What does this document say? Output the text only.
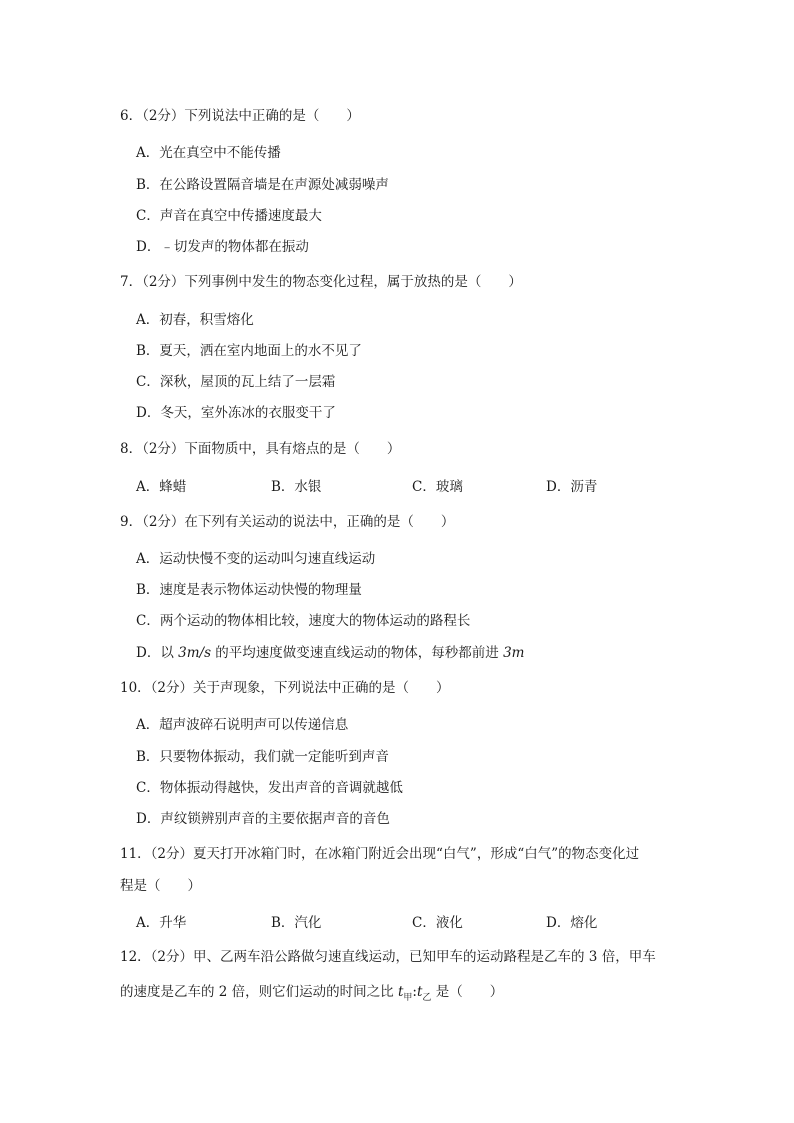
6．（2分）下列说法中正确的是（　　）
A．光在真空中不能传播
B．在公路设置隔音墙是在声源处减弱噪声
C．声音在真空中传播速度最大
D．﹣切发声的物体都在振动
7．（2分）下列事例中发生的物态变化过程，属于放热的是（　　）
A．初春，积雪熔化
B．夏天，洒在室内地面上的水不见了
C．深秋，屋顶的瓦上结了一层霜
D．冬天，室外冻冰的衣服变干了
8．（2分）下面物质中，具有熔点的是（　　）
A．蜂蜡	B．水银	C．玻璃	D．沥青
9．（2分）在下列有关运动的说法中，正确的是（　　）
A．运动快慢不变的运动叫匀速直线运动
B．速度是表示物体运动快慢的物理量
C．两个运动的物体相比较，速度大的物体运动的路程长
D．以 3m/s 的平均速度做变速直线运动的物体，每秒都前进 3m
10．（2分）关于声现象，下列说法中正确的是（　　）
A．超声波碎石说明声可以传递信息
B．只要物体振动，我们就一定能听到声音
C．物体振动得越快，发出声音的音调就越低
D．声纹锁辨别声音的主要依据声音的音色
11．（2分）夏天打开冰箱门时，在冰箱门附近会出现“白气”，形成“白气”的物态变化过
程是（　　）
A．升华	B．汽化	C．液化	D．熔化
12．（2分）甲、乙两车沿公路做匀速直线运动，已知甲车的运动路程是乙车的 3 倍，甲车
的速度是乙车的 2 倍，则它们运动的时间之比 $t_甲:t_乙$ 是（　　）
